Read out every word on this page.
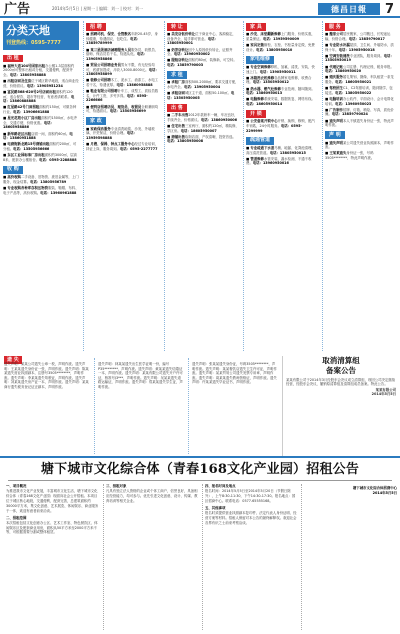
广告	2014年5月5日 | 星期一 | 编辑：刘一 | 校对：刘一	德昌日報	7
分类天地
刊登热线：0595-7777
出 租
■ 福州大道104号国家出租办公楼1-3层面积约2000㎡可整体出租或分租，交通便利，配套齐全。电话：13805958888
■ 出租店面及住房位于城区繁华地段，适合商业经营，价格面议。电话：13905951234
■ 富民路568-620号2号店面出租面积约120㎡，适合餐饮、超市等经营，有意者请联系。电话：13860888888
■ 红星路42号门面招租面积约150㎡，可做各种行业。电话：13906661888
■ 星光花苑小区厂房出租面积约1500㎡，水电齐全，交通方便，价格优惠。电话：18605958886
■ 新华路老区出租店面一间，面积约60㎡。电话：13860951888
■ 电商街新北路15号商铺出租面积约200㎡，可分租。电话：13505956666
■ 东区工业园标准厂房出租面积约3000㎡，层高8米，配套办公楼宿舍。电话：0595-2288888
收 购
■ 高价收购二手设备、旧物资、废旧金属等，上门服务，现金结算。电话：13805956789
■ 专业收购各种库存积压物资服装、鞋帽、布料、电子产品等，高价收购。电话：13960961888
招 聘
■ 招聘司机、保安、仓管数名年龄20-45岁，身体健康，待遇面议，包吃住。电话：13859789999
■ 某三星级酒店诚聘服务人员服务员、收银员、厨师、保洁员若干名，待遇从优。电话：13905958866
■ 贸易公司招聘业务员男女不限，有无经验均可，底薪加提成，月收入3000-8000元。电话：13805958899
■ 装修公司招聘木工、泥水工、油漆工、水电工若干名，待遇优厚。电话：13860958888
■ 鞋业有限公司招聘针车工、成型工、质检员数名，计件工资，多劳多得。电话：0595-2266666
■ 便利店招聘店员、理货员、收银员全职兼职均可，待遇面议。电话：13505956699
家 政
■ 家政保洁服务专业清洗地毯、沙发、外墙玻璃、开荒保洁，价格合理。电话：13959598888
■ 月嫂、保姆、钟点工服务中心经过专业培训，持证上岗，服务周到。电话：0595-2277777
转 让
■ 美发店低价转让位于商业中心，客源稳定，设备齐全，接手即可营业。电话：13805950001
■ 奶茶店转让因个人原因低价转让，证照齐全。电话：13960950002
■ 服装店转让面积约80㎡，装修新，可空转。电话：13859790003
求 租
■ 求租厂房面积500-2000㎡，要求交通方便，水电齐全。电话：13905950004
■ 求租店面城区主干道，面积50-100㎡。电话：13505950005
出 售
■ 二手车出售2012年款轿车一辆，车况良好，手续齐全，价格面议。电话：13860950006
■ 住宅出售三室两厅，面积约120㎡，精装修，学区房。电话：18605950007
■ 商铺出售临街店面，产权清晰，投资首选。电话：13805950008
家 具
■ 沙发、床垫翻新维修上门服务，价格实惠，质量保证。电话：13959590009
■ 家具定做橱柜、衣柜、书柜量身定做，免费设计。电话：13805950010
家电维修
■ 专业空调维修移机、加氟、清洗、安装，快速上门。电话：13905950011
■ 冰箱洗衣机维修各品牌家电维修，收费合理。电话：13505950012
■ 热水器、燃气灶维修专业技师，随叫随到。电话：13860950013
■ 电脑维修系统安装、数据恢复、网络布线。电话：18605950014
开 锁
■ 公安备案开锁中心开锁、换锁、修锁、配汽车钥匙，24小时服务。电话：0595-2299999
疏通管道
■ 专业疏通下水道马桶、地漏、化粪池清理，高压清洗管道。电话：13805950015
■ 管道维修水管安装、漏水检测，不通不收费。电话：13960950016
服 务
■ 搬家公司居民搬家、公司搬迁、长短途运输，价格合理。电话：13859790017
■ 专业防水补漏屋顶、卫生间、外墙防水，质保十年。电话：13905950018
■ 空调安装清洗专业团队，服务周到。电话：13505950019
■ 代理记账公司注册、代理记账、税务申报。电话：13860950020
■ 婚庆服务婚礼策划、摄像、车队租赁一条龙服务。电话：18605950021
■ 驾校招生C1、C2驾照培训，随到随学，包接送。电话：13805950022
■ 电脑培训办公软件、平面设计、会计电算化培训。电话：13960950023
■ 广告制作招牌、灯箱、喷绘、写真，质优价廉。电话：13859790024
■ 遗失声明本人不慎遗失身份证一张，特此声明作废。
声 明
■ 遗失声明某公司遗失营业执照副本，声明作废。
■ 王某某遗失身份证一张，号码3505********，特此声明作废。
遗 失
遗失声明：某某公司遗失公章一枚，声明作废。遗失声明：王某某遗失身份证一张，声明作废。遗失声明：陈某某遗失营业执照副本，注册号3505********，声明作废。遗失声明：李某某遗失驾驶证，声明作废。遗失声明：刘某某遗失房产证一本，声明作废。遗失声明：某某商行遗失税务登记证正副本，声明作废。
遗失声明：林某某遗失出生医学证明一份，编号P35********，声明作废。遗失声明：黄某某遗失结婚证一本，声明作废。遗失声明：某某有限公司遗失开户许可证，核准号J3***，声明作废。遗失声明：吴某某遗失道路运输证，声明作废。遗失声明：郑某某遗失学生证，声明作废。
遗失声明：张某某遗失身份证，号码3505********，声明作废。遗失声明：某某餐饮店遗失卫生许可证，声明作废。遗失声明：某某贸易公司遗失发票专用章，声明作废。遗失声明：周某某遗失教师资格证，声明作废。遗失声明：许某某遗失毕业证书，声明作废。
取消清算组
备案公告
某某有限公司于2014年3月经股东会决议成立清算组，现因公司决定继续经营，经股东会决议，撤销原清算组及清算组成员备案。特此公告。
某某有限公司
2014年5月5日
塘下城市文化综合体（青春168文化产业园）招租公告
一、项目概况
为推进我市文化产业发展，丰富城市文化生活，塘下城市文化综合体（青春168文化产业园）现面向社会公开招租。本项目位于城区核心地段，交通便利，配套完善，总建筑面积约30000平方米，集文化创意、艺术展览、休闲娱乐、商业服务于一体，欢迎有意者前来洽谈。
二、招租范围
本次招租包括文化创意办公区、艺术工作室、特色餐饮区、休闲娱乐区及配套商业用房，面积从50平方米至2000平方米不等，可根据需要分割或整体租赁。
三、招租对象
凡具有独立法人资格的企业或个体工商户，信誉良好，具备相应经营能力，均可参与。优先引进文化创意、设计、传媒、教育培训等相关企业。
四、报名时间及地点
报名时间：2014年5月5日至2014年5月20日（节假日除外），上午8:30-11:30，下午14:30-17:30。报名地点：园区招商中心。联系电话：0577-65555168。
五、其他事项
报名时须提供营业执照副本复印件、法定代表人身份证明、经营方案等材料。招租人保留对本公告的最终解释权。欢迎社会各界有识之士前来考察洽谈。
塘下城市文化综合体招商中心
2014年5月5日
